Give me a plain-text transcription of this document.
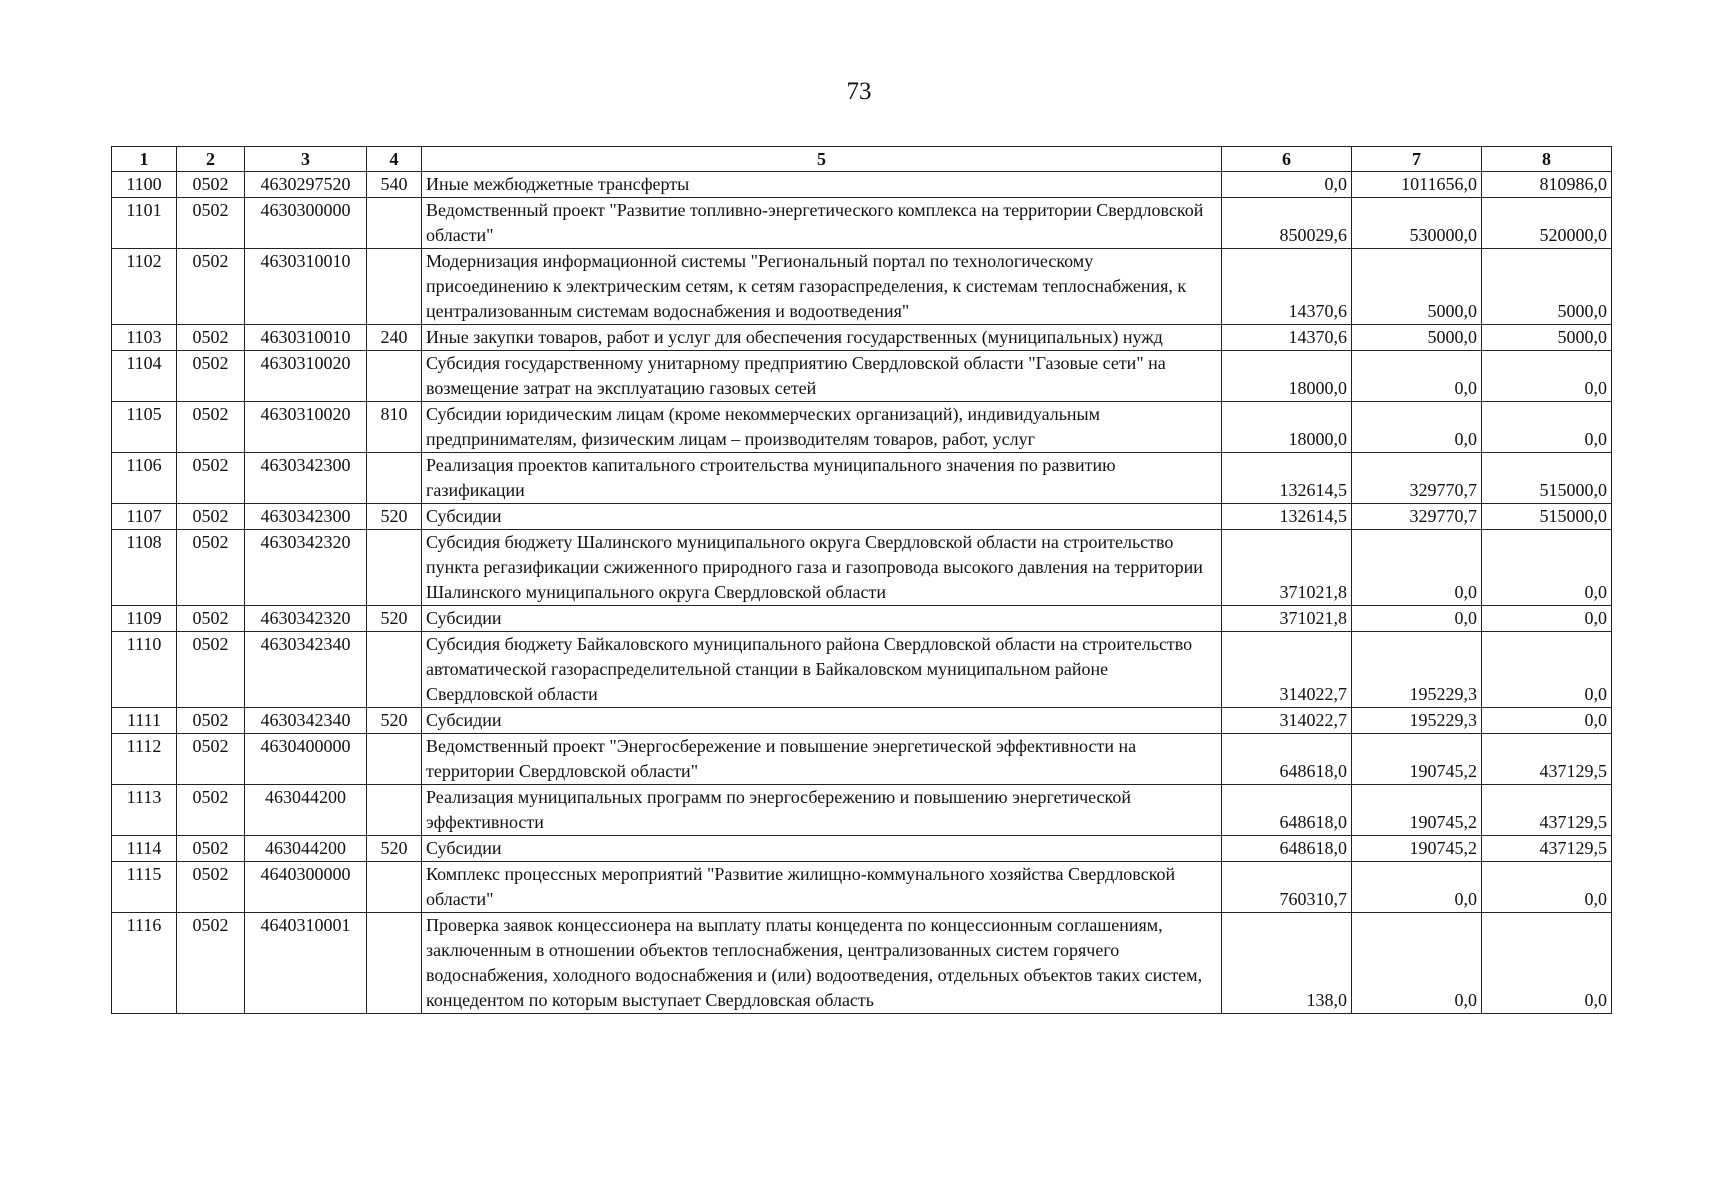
73
1	2	3	4	5	6	7	8
1100	0502	4630297520	540	Иные межбюджетные трансферты	0,0	1011656,0	810986,0
1101	0502	4630300000		Ведомственный проект "Развитие топливно-энергетического комплекса на территории Свердловской области"	850029,6	530000,0	520000,0
1102	0502	4630310010		Модернизация информационной системы "Региональный портал по технологическому присоединению к электрическим сетям, к сетям газораспределения, к системам теплоснабжения, к централизованным системам водоснабжения и водоотведения"	14370,6	5000,0	5000,0
1103	0502	4630310010	240	Иные закупки товаров, работ и услуг для обеспечения государственных (муниципальных) нужд	14370,6	5000,0	5000,0
1104	0502	4630310020		Субсидия государственному унитарному предприятию Свердловской области "Газовые сети" на возмещение затрат на эксплуатацию газовых сетей	18000,0	0,0	0,0
1105	0502	4630310020	810	Субсидии юридическим лицам (кроме некоммерческих организаций), индивидуальным предпринимателям, физическим лицам – производителям товаров, работ, услуг	18000,0	0,0	0,0
1106	0502	4630342300		Реализация проектов капитального строительства муниципального значения по развитию газификации	132614,5	329770,7	515000,0
1107	0502	4630342300	520	Субсидии	132614,5	329770,7	515000,0
1108	0502	4630342320		Субсидия бюджету Шалинского муниципального округа Свердловской области на строительство пункта регазификации сжиженного природного газа и газопровода высокого давления на территории Шалинского муниципального округа Свердловской области	371021,8	0,0	0,0
1109	0502	4630342320	520	Субсидии	371021,8	0,0	0,0
1110	0502	4630342340		Субсидия бюджету Байкаловского муниципального района Свердловской области на строительство автоматической газораспределительной станции в Байкаловском муниципальном районе Свердловской области	314022,7	195229,3	0,0
1111	0502	4630342340	520	Субсидии	314022,7	195229,3	0,0
1112	0502	4630400000		Ведомственный проект "Энергосбережение и повышение энергетической эффективности на территории Свердловской области"	648618,0	190745,2	437129,5
1113	0502	463044200		Реализация муниципальных программ по энергосбережению и повышению энергетической эффективности	648618,0	190745,2	437129,5
1114	0502	463044200	520	Субсидии	648618,0	190745,2	437129,5
1115	0502	4640300000		Комплекс процессных мероприятий "Развитие жилищно-коммунального хозяйства Свердловской области"	760310,7	0,0	0,0
1116	0502	4640310001		Проверка заявок концессионера на выплату платы концедента по концессионным соглашениям, заключенным в отношении объектов теплоснабжения, централизованных систем горячего водоснабжения, холодного водоснабжения и (или) водоотведения, отдельных объектов таких систем, концедентом по которым выступает Свердловская область	138,0	0,0	0,0
